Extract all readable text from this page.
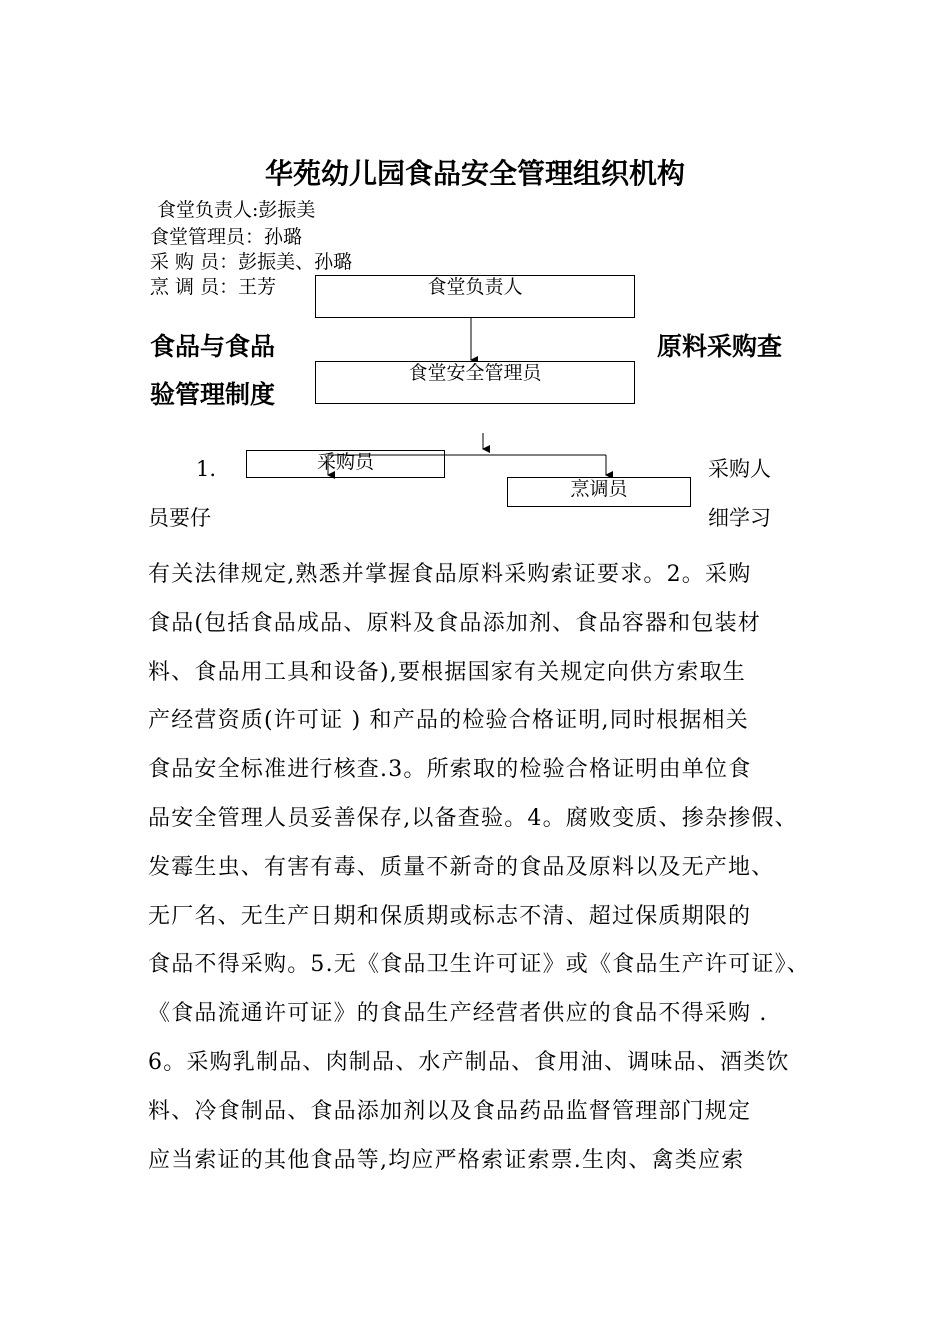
华苑幼儿园食品安全管理组织机构
食堂负责人:彭振美
食堂管理员：孙璐
采 购 员：彭振美、孙璐
烹 调 员：王芳	食堂负责人
食堂安全管理员
采购员
烹调员
食品与食品	原料采购查
验管理制度
1.	采购人
员要仔	细学习

有关法律规定,熟悉并掌握食品原料采购索证要求。2。采购

食品(包括食品成品、原料及食品添加剂、食品容器和包装材

料、食品用工具和设备),要根据国家有关规定向供方索取生

产经营资质(许可证 ) 和产品的检验合格证明,同时根据相关

食品安全标准进行核查.3。所索取的检验合格证明由单位食

品安全管理人员妥善保存,以备查验。4。腐败变质、掺杂掺假、

发霉生虫、有害有毒、质量不新奇的食品及原料以及无产地、

无厂名、无生产日期和保质期或标志不清、超过保质期限的

食品不得采购。5.无《食品卫生许可证》或《食品生产许可证》、

《食品流通许可证》的食品生产经营者供应的食品不得采购 .

6。采购乳制品、肉制品、水产制品、食用油、调味品、酒类饮

料、冷食制品、食品添加剂以及食品药品监督管理部门规定

应当索证的其他食品等,均应严格索证索票.生肉、禽类应索
